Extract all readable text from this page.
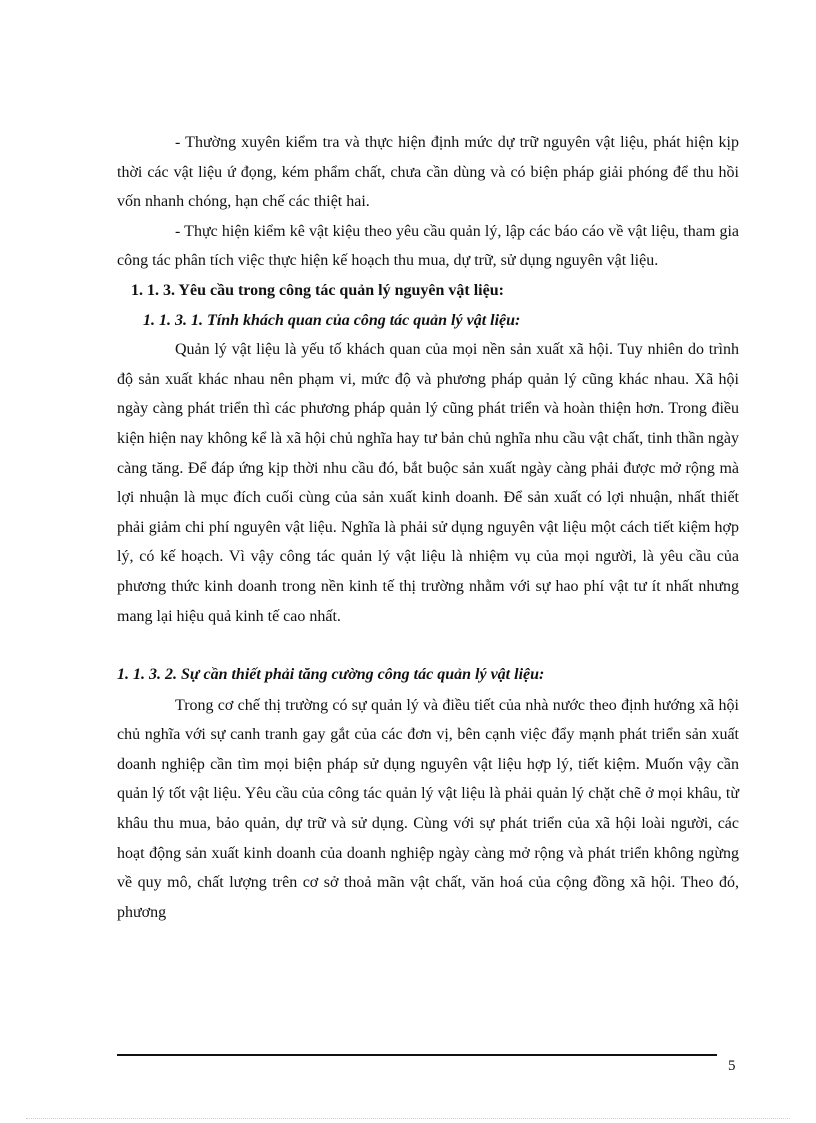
- Thường xuyên kiểm tra và thực hiện định mức dự trữ nguyên vật liệu, phát hiện kịp thời các vật liệu ứ đọng, kém phẩm chất, chưa cần dùng và có biện pháp giải phóng để thu hồi vốn nhanh chóng, hạn chế các thiệt hai.

- Thực hiện kiểm kê vật kiệu theo yêu cầu quản lý, lập các báo cáo về vật liệu, tham gia công tác phân tích việc thực hiện kế hoạch thu mua, dự trữ, sử dụng nguyên vật liệu.

1. 1. 3. Yêu cầu trong công tác quản lý nguyên vật liệu:

1. 1. 3. 1. Tính khách quan của công tác quản lý vật liệu:

Quản lý vật liệu là yếu tố khách quan của mọi nền sản xuất xã hội. Tuy nhiên do trình độ sản xuất khác nhau nên phạm vi, mức độ và phương pháp quản lý cũng khác nhau. Xã hội ngày càng phát triển thì các phương pháp quản lý cũng phát triển và hoàn thiện hơn. Trong điều kiện hiện nay không kể là xã hội chủ nghĩa hay tư bản chủ nghĩa nhu cầu vật chất, tinh thần ngày càng tăng. Để đáp ứng kịp thời nhu cầu đó, bắt buộc sản xuất ngày càng phải được mở rộng mà lợi nhuận là mục đích cuối cùng của sản xuất kinh doanh. Để sản xuất có lợi nhuận, nhất thiết phải giảm chi phí nguyên vật liệu. Nghĩa là phải sử dụng nguyên vật liệu một cách tiết kiệm hợp lý, có kế hoạch. Vì vậy công tác quản lý vật liệu là nhiệm vụ của mọi người, là yêu cầu của phương thức kinh doanh trong nền kinh tế thị trường nhằm với sự hao phí vật tư ít nhất nhưng mang lại hiệu quả kinh tế cao nhất.

1. 1. 3. 2. Sự cần thiết phải tăng cường công tác quản lý vật liệu:

Trong cơ chế thị trường có sự quản lý và điều tiết của nhà nước theo định hướng xã hội chủ nghĩa với sự canh tranh gay gắt của các đơn vị, bên cạnh việc đẩy mạnh phát triển sản xuất doanh nghiệp cần tìm mọi biện pháp sử dụng nguyên vật liệu hợp lý, tiết kiệm. Muốn vậy cần quản lý tốt vật liệu. Yêu cầu của công tác quản lý vật liệu là phải quản lý chặt chẽ ở mọi khâu, từ khâu thu mua, bảo quản, dự trữ và sử dụng. Cùng với sự phát triển của xã hội loài người, các hoạt động sản xuất kinh doanh của doanh nghiệp ngày càng mở rộng và phát triển không ngừng về quy mô, chất lượng trên cơ sở thoả mãn vật chất, văn hoá của cộng đồng xã hội. Theo đó, phương

5
